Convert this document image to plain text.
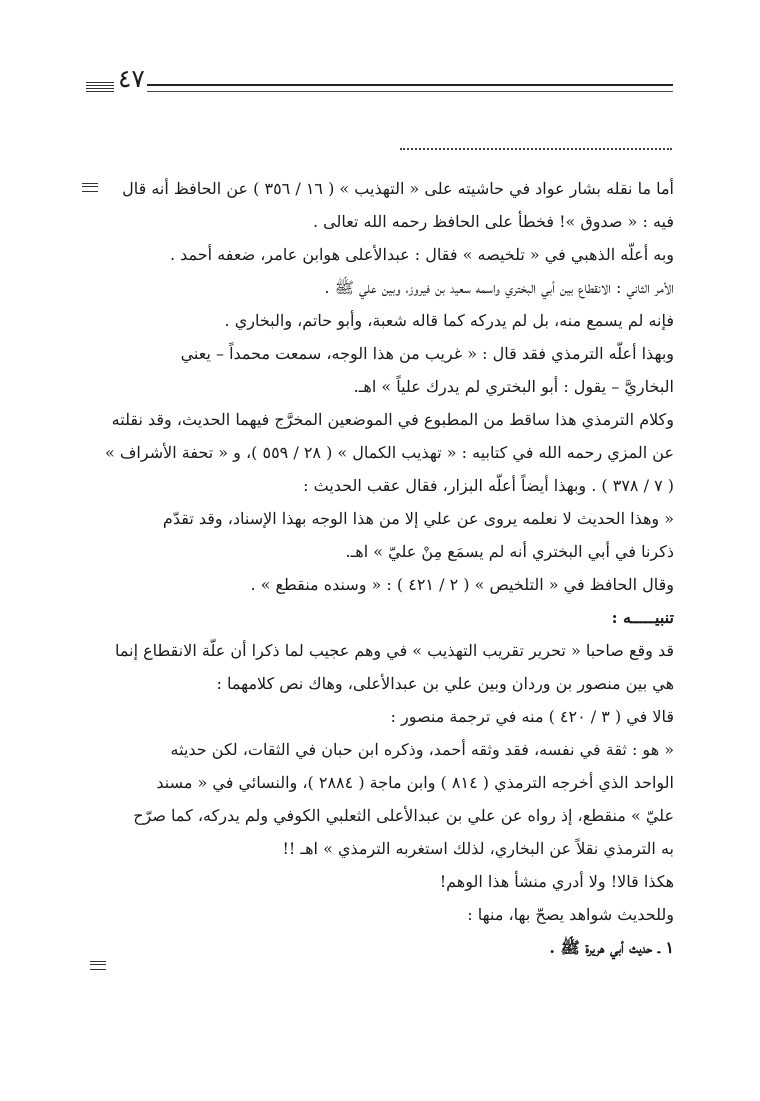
٤٧

أما ما نقله بشار عواد في حاشيته على « التهذيب » ( ١٦ / ٣٥٦ ) عن الحافظ أنه قال

فيه : « صدوق »! فخطأ على الحافظ رحمه الله تعالى .

وبه أعلّه الذهبي في « تلخيصه » فقال : عبدالأعلى هوابن عامر، ضعفه أحمد .

الأمر الثاني : الانقطاع بين أبي البختري واسمه سعيد بن فيروز، وبين علي ﷺ .

فإنه لم يسمع منه، بل لم يدركه كما قاله شعبة، وأبو حاتم، والبخاري .

وبهذا أعلّه الترمذي فقد قال : « غريب من هذا الوجه، سمعت محمداً – يعني

البخاريَّ – يقول : أبو البختري لم يدرك علياً » اهـ.

وكلام الترمذي هذا ساقط من المطبوع في الموضعين المخرَّج فيهما الحديث، وقد نقلته

عن المزي رحمه الله في كتابيه : « تهذيب الكمال » ( ٢٨ / ٥٥٩ )، و « تحفة الأشراف »

( ٧ / ٣٧٨ ) . وبهذا أيضاً أعلّه البزار، فقال عقب الحديث :

« وهذا الحديث لا نعلمه يروى عن علي إلا من هذا الوجه بهذا الإسناد، وقد تقدّم

ذكرنا في أبي البختري أنه لم يسمَع مِنْ عليّ » اهـ.

وقال الحافظ في « التلخيص » ( ٢ / ٤٢١ ) : « وسنده منقطع » .

تنبيـــــه :

قد وقع صاحبا « تحرير تقريب التهذيب » في وهم عجيب لما ذكرا أن علّة الانقطاع إنما

هي بين منصور بن وردان وبين علي بن عبدالأعلى، وهاك نص كلامهما :

قالا في ( ٣ / ٤٢٠ ) منه في ترجمة منصور :

« هو : ثقة في نفسه، فقد وثقه أحمد، وذكره ابن حبان في الثقات، لكن حديثه

الواحد الذي أخرجه الترمذي ( ٨١٤ ) وابن ماجة ( ٢٨٨٤ )، والنسائي في « مسند

عليّ » منقطع، إذ رواه عن علي بن عبدالأعلى الثعلبي الكوفي ولم يدركه، كما صرّح

به الترمذي نقلاً عن البخاري، لذلك استغربه الترمذي » اهـ !!

هكذا قالا! ولا أدري منشأ هذا الوهم!

وللحديث شواهد يصحّ بها، منها :

١ ـ حديث أبي هريرة ﷺ .
